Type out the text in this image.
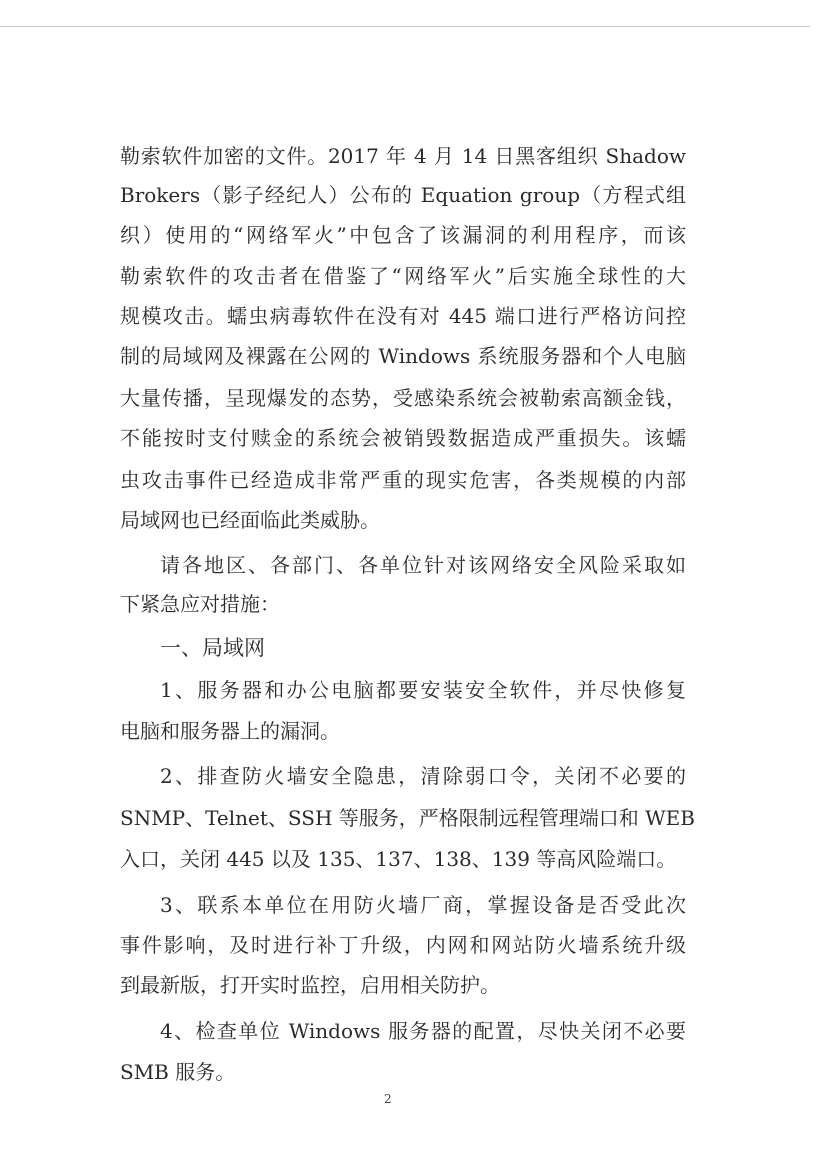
勒索软件加密的文件。2017 年 4 月 14 日黑客组织 Shadow
Brokers（影子经纪人）公布的 Equation group（方程式组
织）使用的“网络军火”中包含了该漏洞的利用程序，而该
勒索软件的攻击者在借鉴了“网络军火”后实施全球性的大
规模攻击。蠕虫病毒软件在没有对 445 端口进行严格访问控
制的局域网及裸露在公网的 Windows 系统服务器和个人电脑
大量传播，呈现爆发的态势，受感染系统会被勒索高额金钱，
不能按时支付赎金的系统会被销毁数据造成严重损失。该蠕
虫攻击事件已经造成非常严重的现实危害，各类规模的内部
局域网也已经面临此类威胁。
请各地区、各部门、各单位针对该网络安全风险采取如
下紧急应对措施：
一、局域网
1、服务器和办公电脑都要安装安全软件，并尽快修复
电脑和服务器上的漏洞。
2、排查防火墙安全隐患，清除弱口令，关闭不必要的
SNMP、Telnet、SSH 等服务，严格限制远程管理端口和 WEB
入口，关闭 445 以及 135、137、138、139 等高风险端口。
3、联系本单位在用防火墙厂商，掌握设备是否受此次
事件影响，及时进行补丁升级，内网和网站防火墙系统升级
到最新版，打开实时监控，启用相关防护。
4、检查单位 Windows 服务器的配置，尽快关闭不必要
SMB 服务。
2
